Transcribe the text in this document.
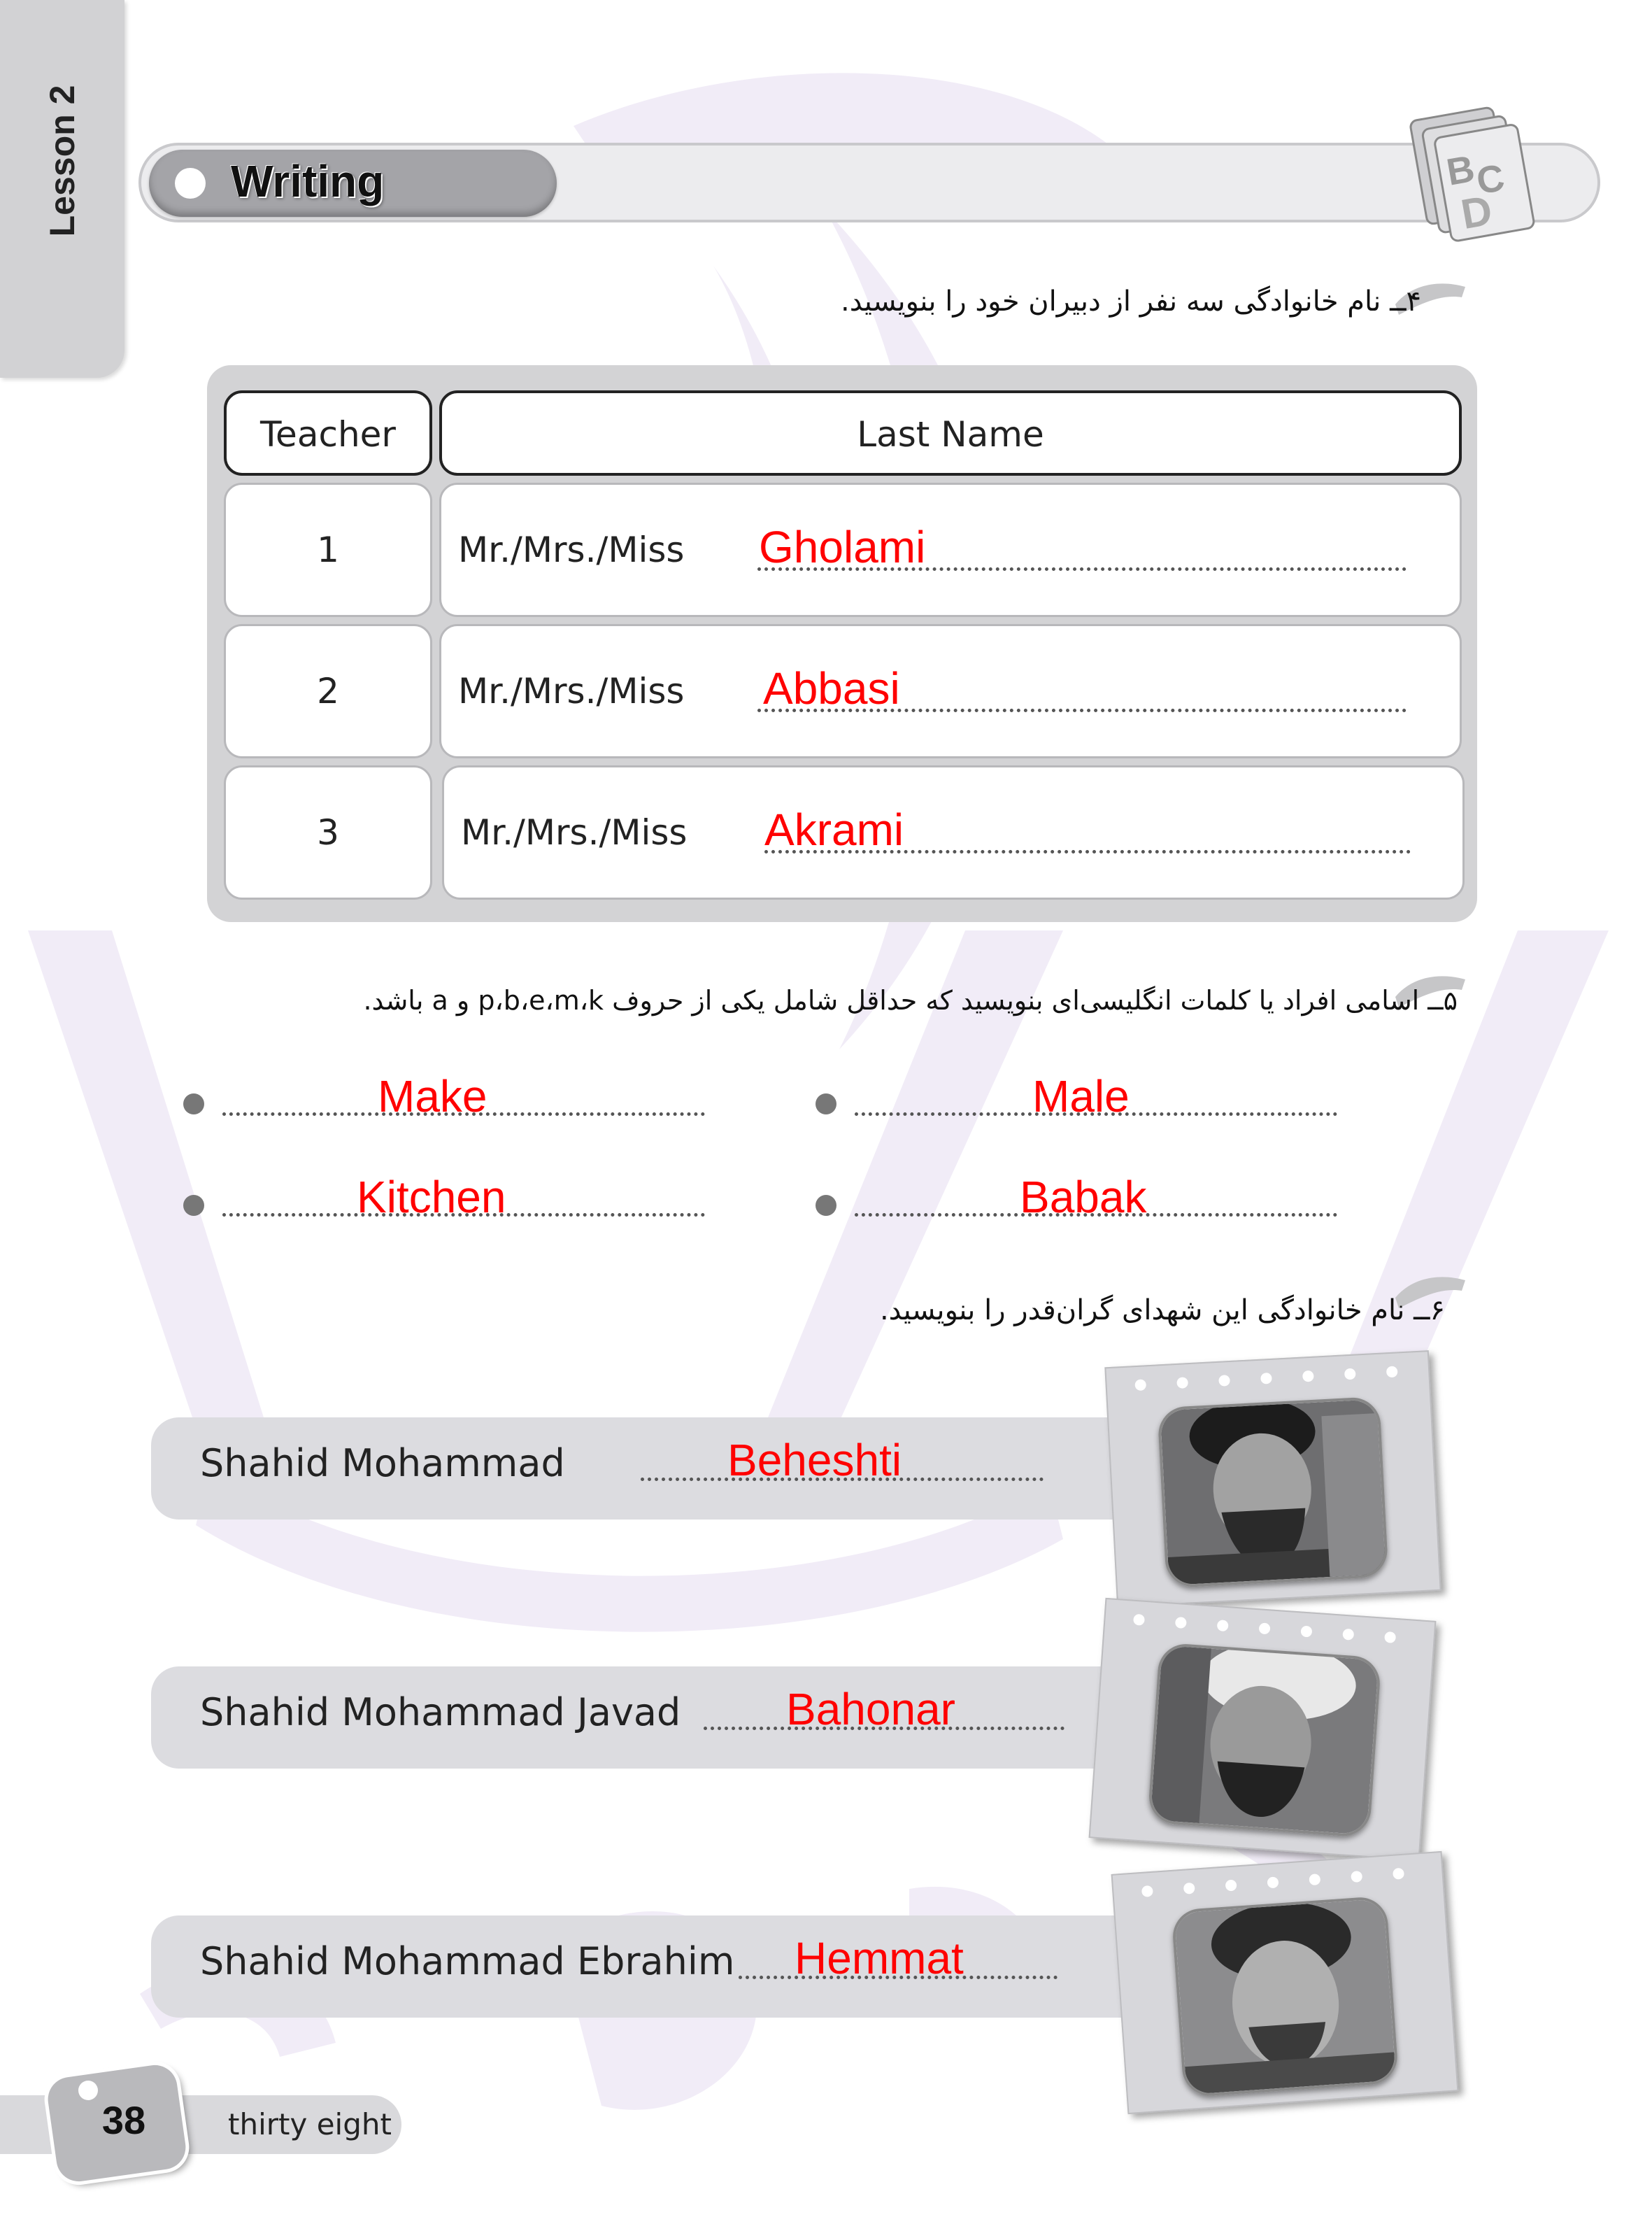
Lesson 2	Writing	B
C
D
۴ــ نام خانوادگی سه نفر از دبیران خود را بنویسید.
Teacher	Last Name
1	Mr./Mrs./Miss Gholami
2	Mr./Mrs./Miss Abbasi
3	Mr./Mrs./Miss Akrami
۵ــ اسامی افراد یا کلمات انگلیسی‌ای بنویسید که حداقل شامل یکی از حروف p،b،e،m،k و a باشد.
Make	Male
Kitchen	Babak
۶ــ نام خانوادگی این شهدای گران‌قدر را بنویسید.
Shahid Mohammad	Beheshti
Shahid Mohammad Javad Bahonar
Shahid Mohammad Ebrahim Hemmat
38	thirty eight
